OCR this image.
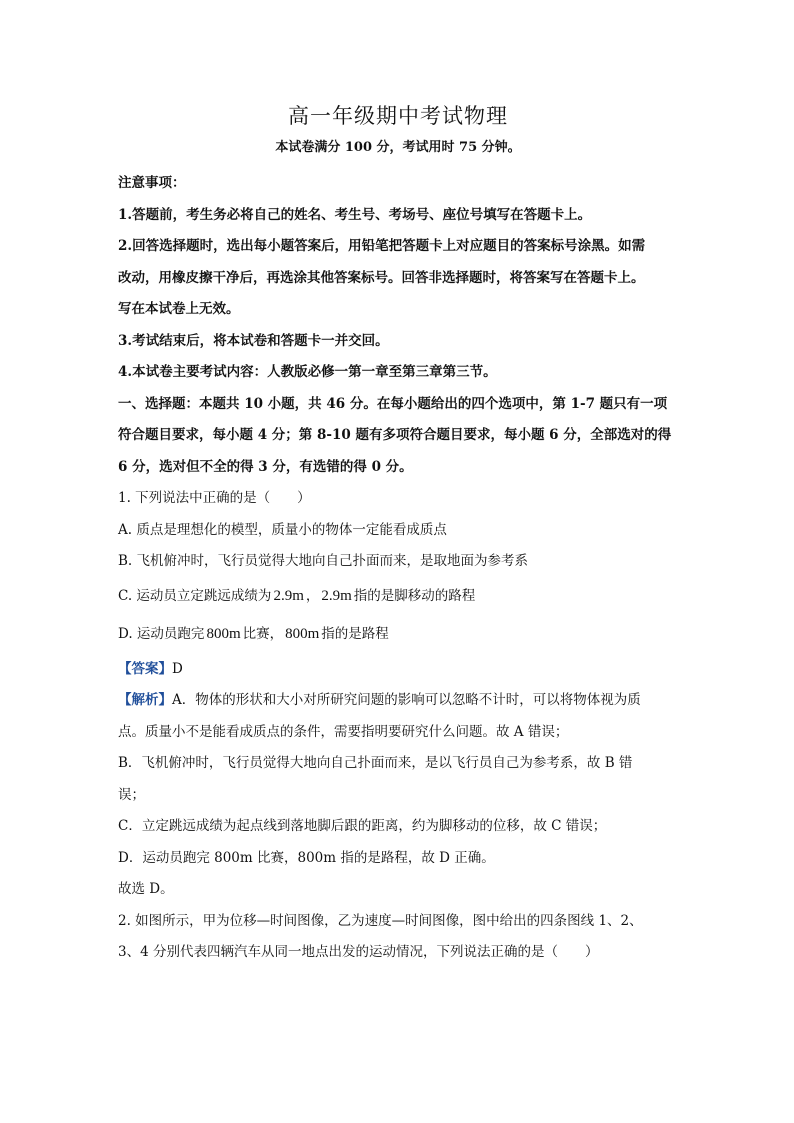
高一年级期中考试物理

本试卷满分 100 分，考试用时 75 分钟。

注意事项：

1.答题前，考生务必将自己的姓名、考生号、考场号、座位号填写在答题卡上。

2.回答选择题时，选出每小题答案后，用铅笔把答题卡上对应题目的答案标号涂黑。如需

改动，用橡皮擦干净后，再选涂其他答案标号。回答非选择题时，将答案写在答题卡上。

写在本试卷上无效。

3.考试结束后，将本试卷和答题卡一并交回。

4.本试卷主要考试内容：人教版必修一第一章至第三章第三节。

一、选择题：本题共 10 小题，共 46 分。在每小题给出的四个选项中，第 1-7 题只有一项

符合题目要求，每小题 4 分；第 8-10 题有多项符合题目要求，每小题 6 分，全部选对的得

6 分，选对但不全的得 3 分，有选错的得 0 分。

1. 下列说法中正确的是（　　）

A. 质点是理想化的模型，质量小的物体一定能看成质点

B. 飞机俯冲时，飞行员觉得大地向自己扑面而来，是取地面为参考系

C. 运动员立定跳远成绩为 2.9m ， 2.9m 指的是脚移动的路程

D. 运动员跑完 800m 比赛， 800m 指的是路程

【答案】D

【解析】A．物体的形状和大小对所研究问题的影响可以忽略不计时，可以将物体视为质

点。质量小不是能看成质点的条件，需要指明要研究什么问题。故 A 错误；

B．飞机俯冲时，飞行员觉得大地向自己扑面而来，是以飞行员自己为参考系，故 B 错

误；

C．立定跳远成绩为起点线到落地脚后跟的距离，约为脚移动的位移，故 C 错误；

D．运动员跑完 800m 比赛，800m 指的是路程，故 D 正确。

故选 D。

2. 如图所示，甲为位移—时间图像，乙为速度—时间图像，图中给出的四条图线 1、2、

3、4 分别代表四辆汽车从同一地点出发的运动情况，下列说法正确的是（　　）
